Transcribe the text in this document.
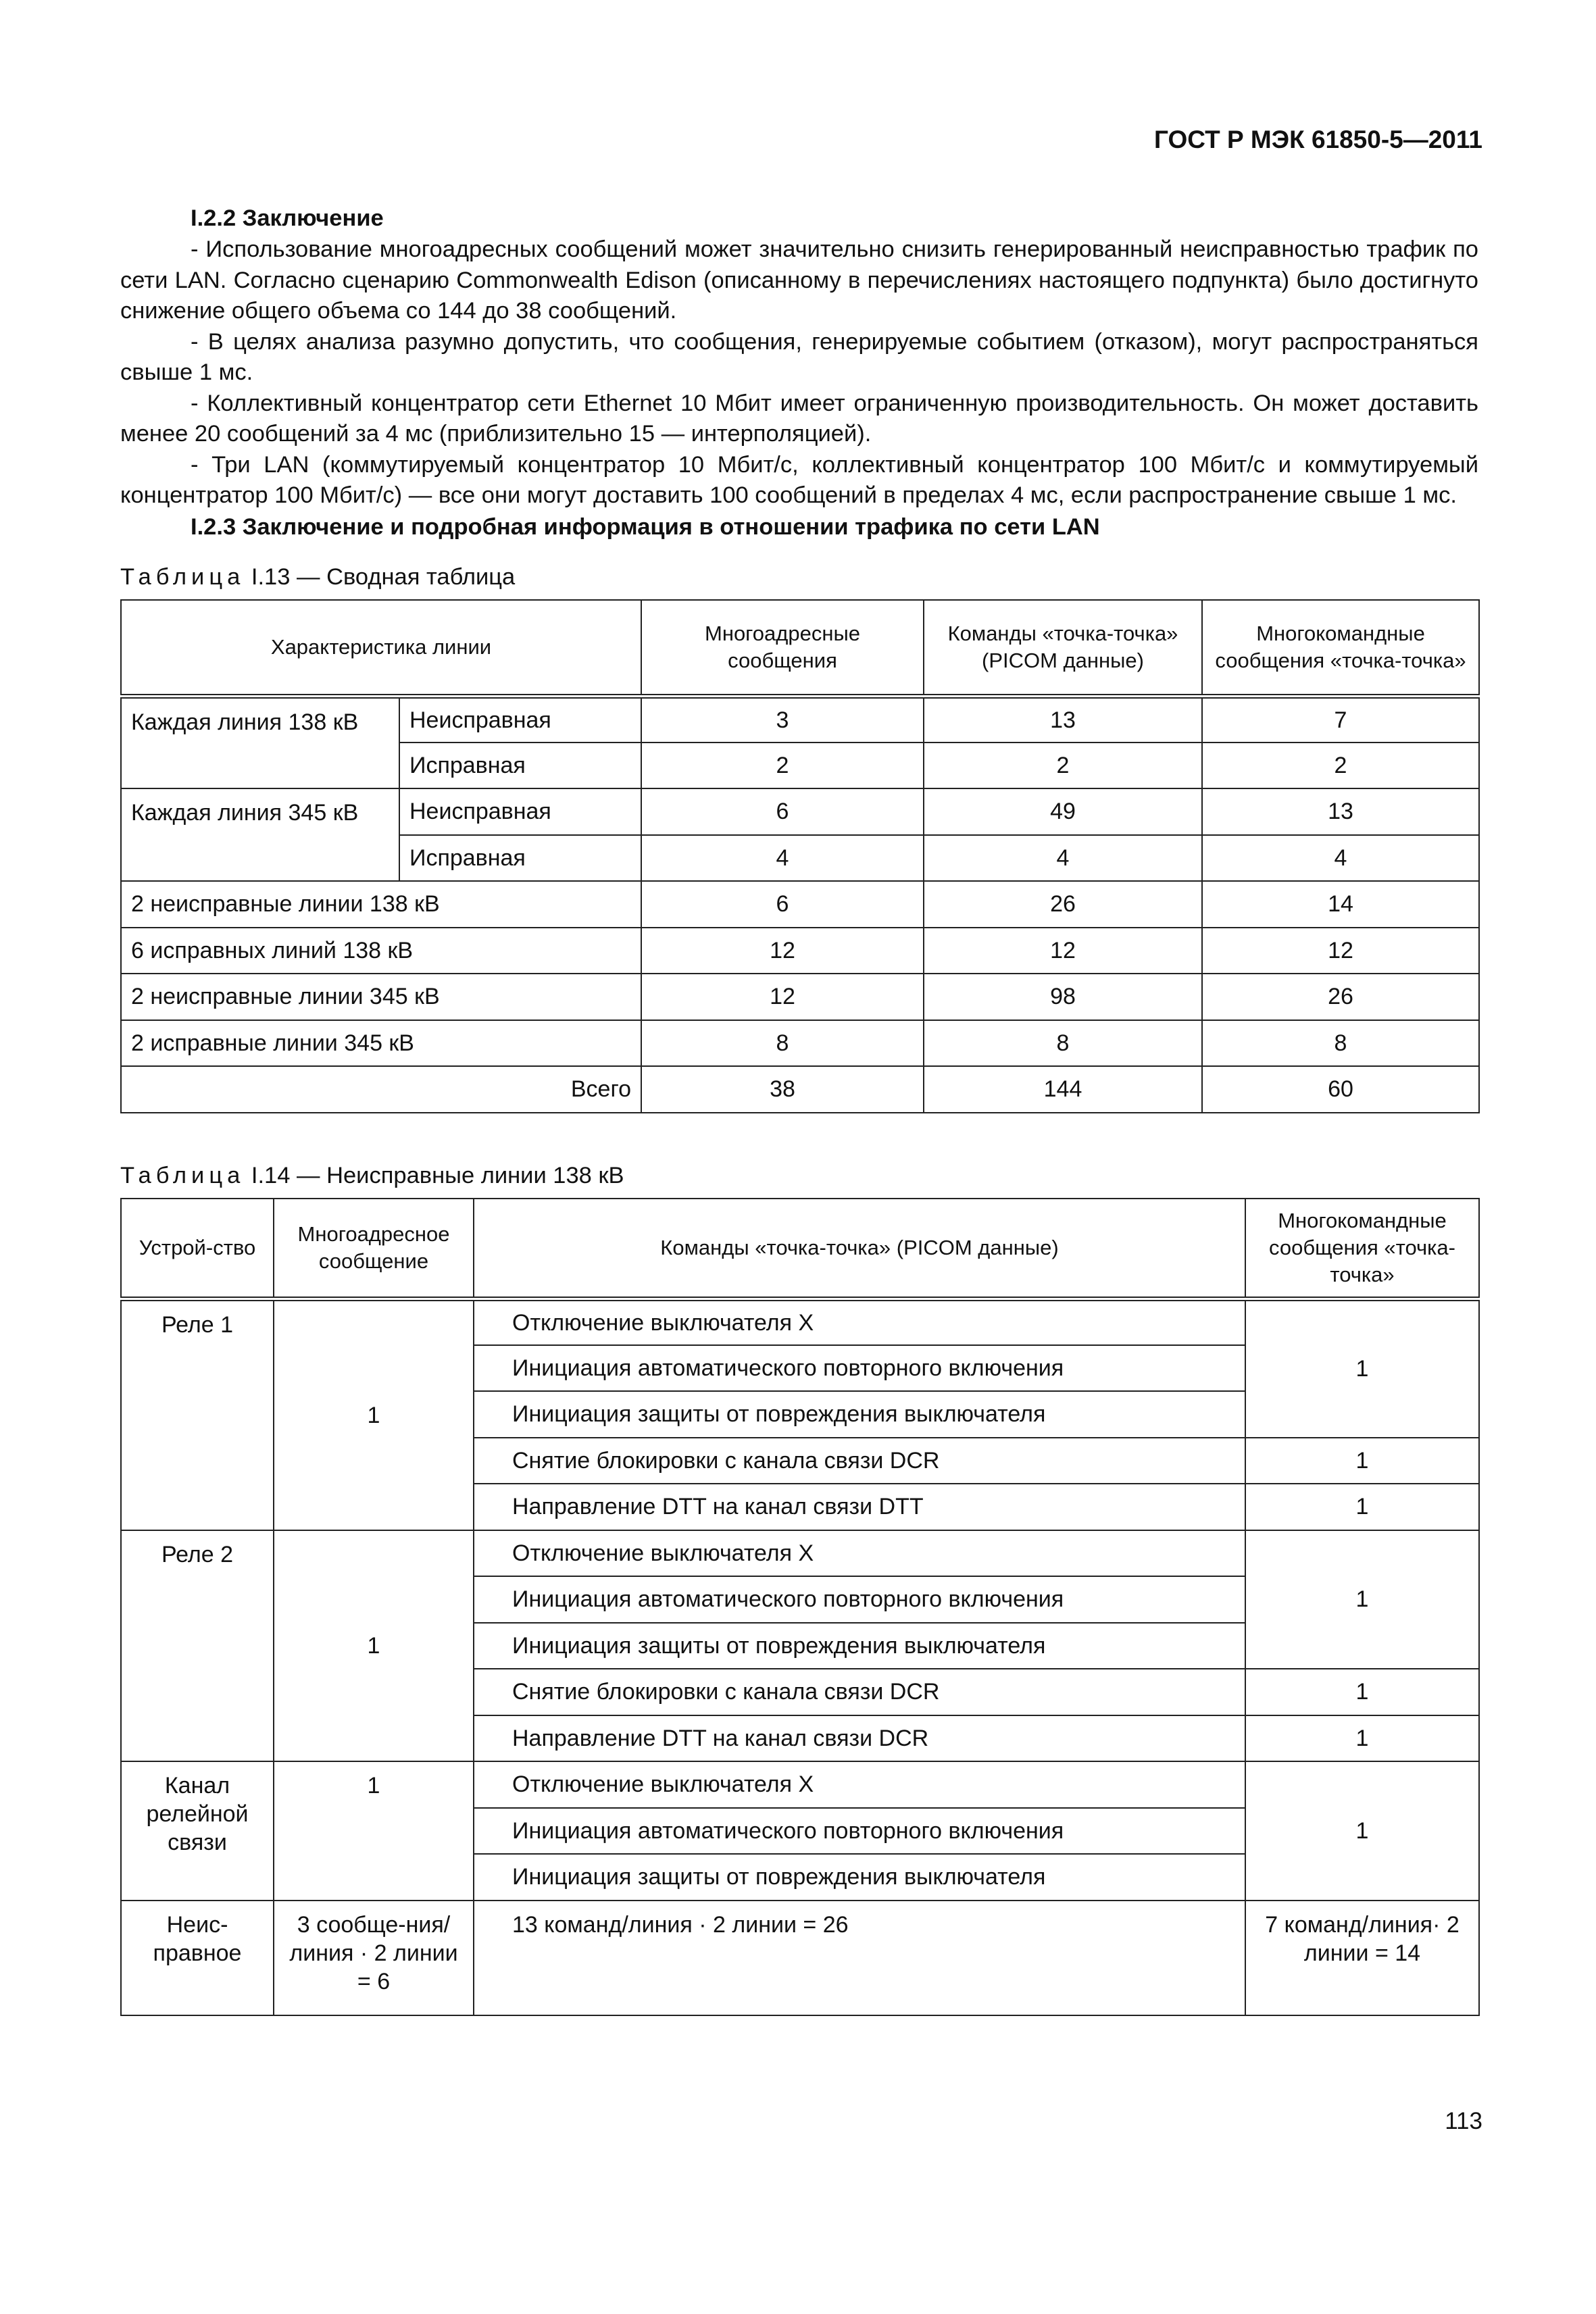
ГОСТ Р МЭК 61850-5—2011
I.2.2 Заключение

- Использование многоадресных сообщений может значительно снизить генерированный неисправностью трафик по сети LAN. Согласно сценарию Commonwealth Edison (описанному в перечислениях настоящего подпункта) было достигнуто снижение общего объема со 144 до 38 сообщений.

- В целях анализа разумно допустить, что сообщения, генерируемые событием (отказом), могут распространяться свыше 1 мс.

- Коллективный концентратор сети Ethernet 10 Мбит имеет ограниченную производительность. Он может доставить менее 20 сообщений за 4 мс (приблизительно 15 — интерполяцией).

- Три LAN (коммутируемый концентратор 10 Мбит/с, коллективный концентратор 100 Мбит/с и коммутируемый концентратор 100 Мбит/с) — все они могут доставить 100 сообщений в пределах 4 мс, если распространение свыше 1 мс.

I.2.3 Заключение и подробная информация в отношении трафика по сети LAN
Таблица I.13 — Сводная таблица
Характеристика линии		Многоадресные сообщения	Команды «точка-точка» (PICOM данные)	Многокомандные сообщения «точка-точка»
Каждая линия 138 кВ	Неисправная	3	13	7
	Исправная	2	2	2
Каждая линия 345 кВ	Неисправная	6	49	13
	Исправная	4	4	4
2 неисправные линии 138 кВ		6	26	14
6 исправных линий 138 кВ		12	12	12
2 неисправные линии 345 кВ		12	98	26
2 исправные линии 345 кВ		8	8	8
Всего		38	144	60
Таблица I.14 — Неисправные линии 138 кВ
Устрой-ство	Многоадресное сообщение	Команды «точка-точка» (PICOM данные)	Многокомандные сообщения «точка-точка»
Реле 1	1	Отключение выключателя X	1
		Инициация автоматического повторного включения	
		Инициация защиты от повреждения выключателя	
		Снятие блокировки с канала связи DCR	1
		Направление DTT на канал связи DTT	1
Реле 2	1	Отключение выключателя X	1
		Инициация автоматического повторного включения	
		Инициация защиты от повреждения выключателя	
		Снятие блокировки с канала связи DCR	1
		Направление DTT на канал связи DCR	1
Канал релейной связи	1	Отключение выключателя X	1
		Инициация автоматического повторного включения	
		Инициация защиты от повреждения выключателя	
Неис-правное	3 сообще-ния/линия · 2 линии = 6	13 команд/линия · 2 линии = 26	7 команд/линия· 2 линии = 14
113
